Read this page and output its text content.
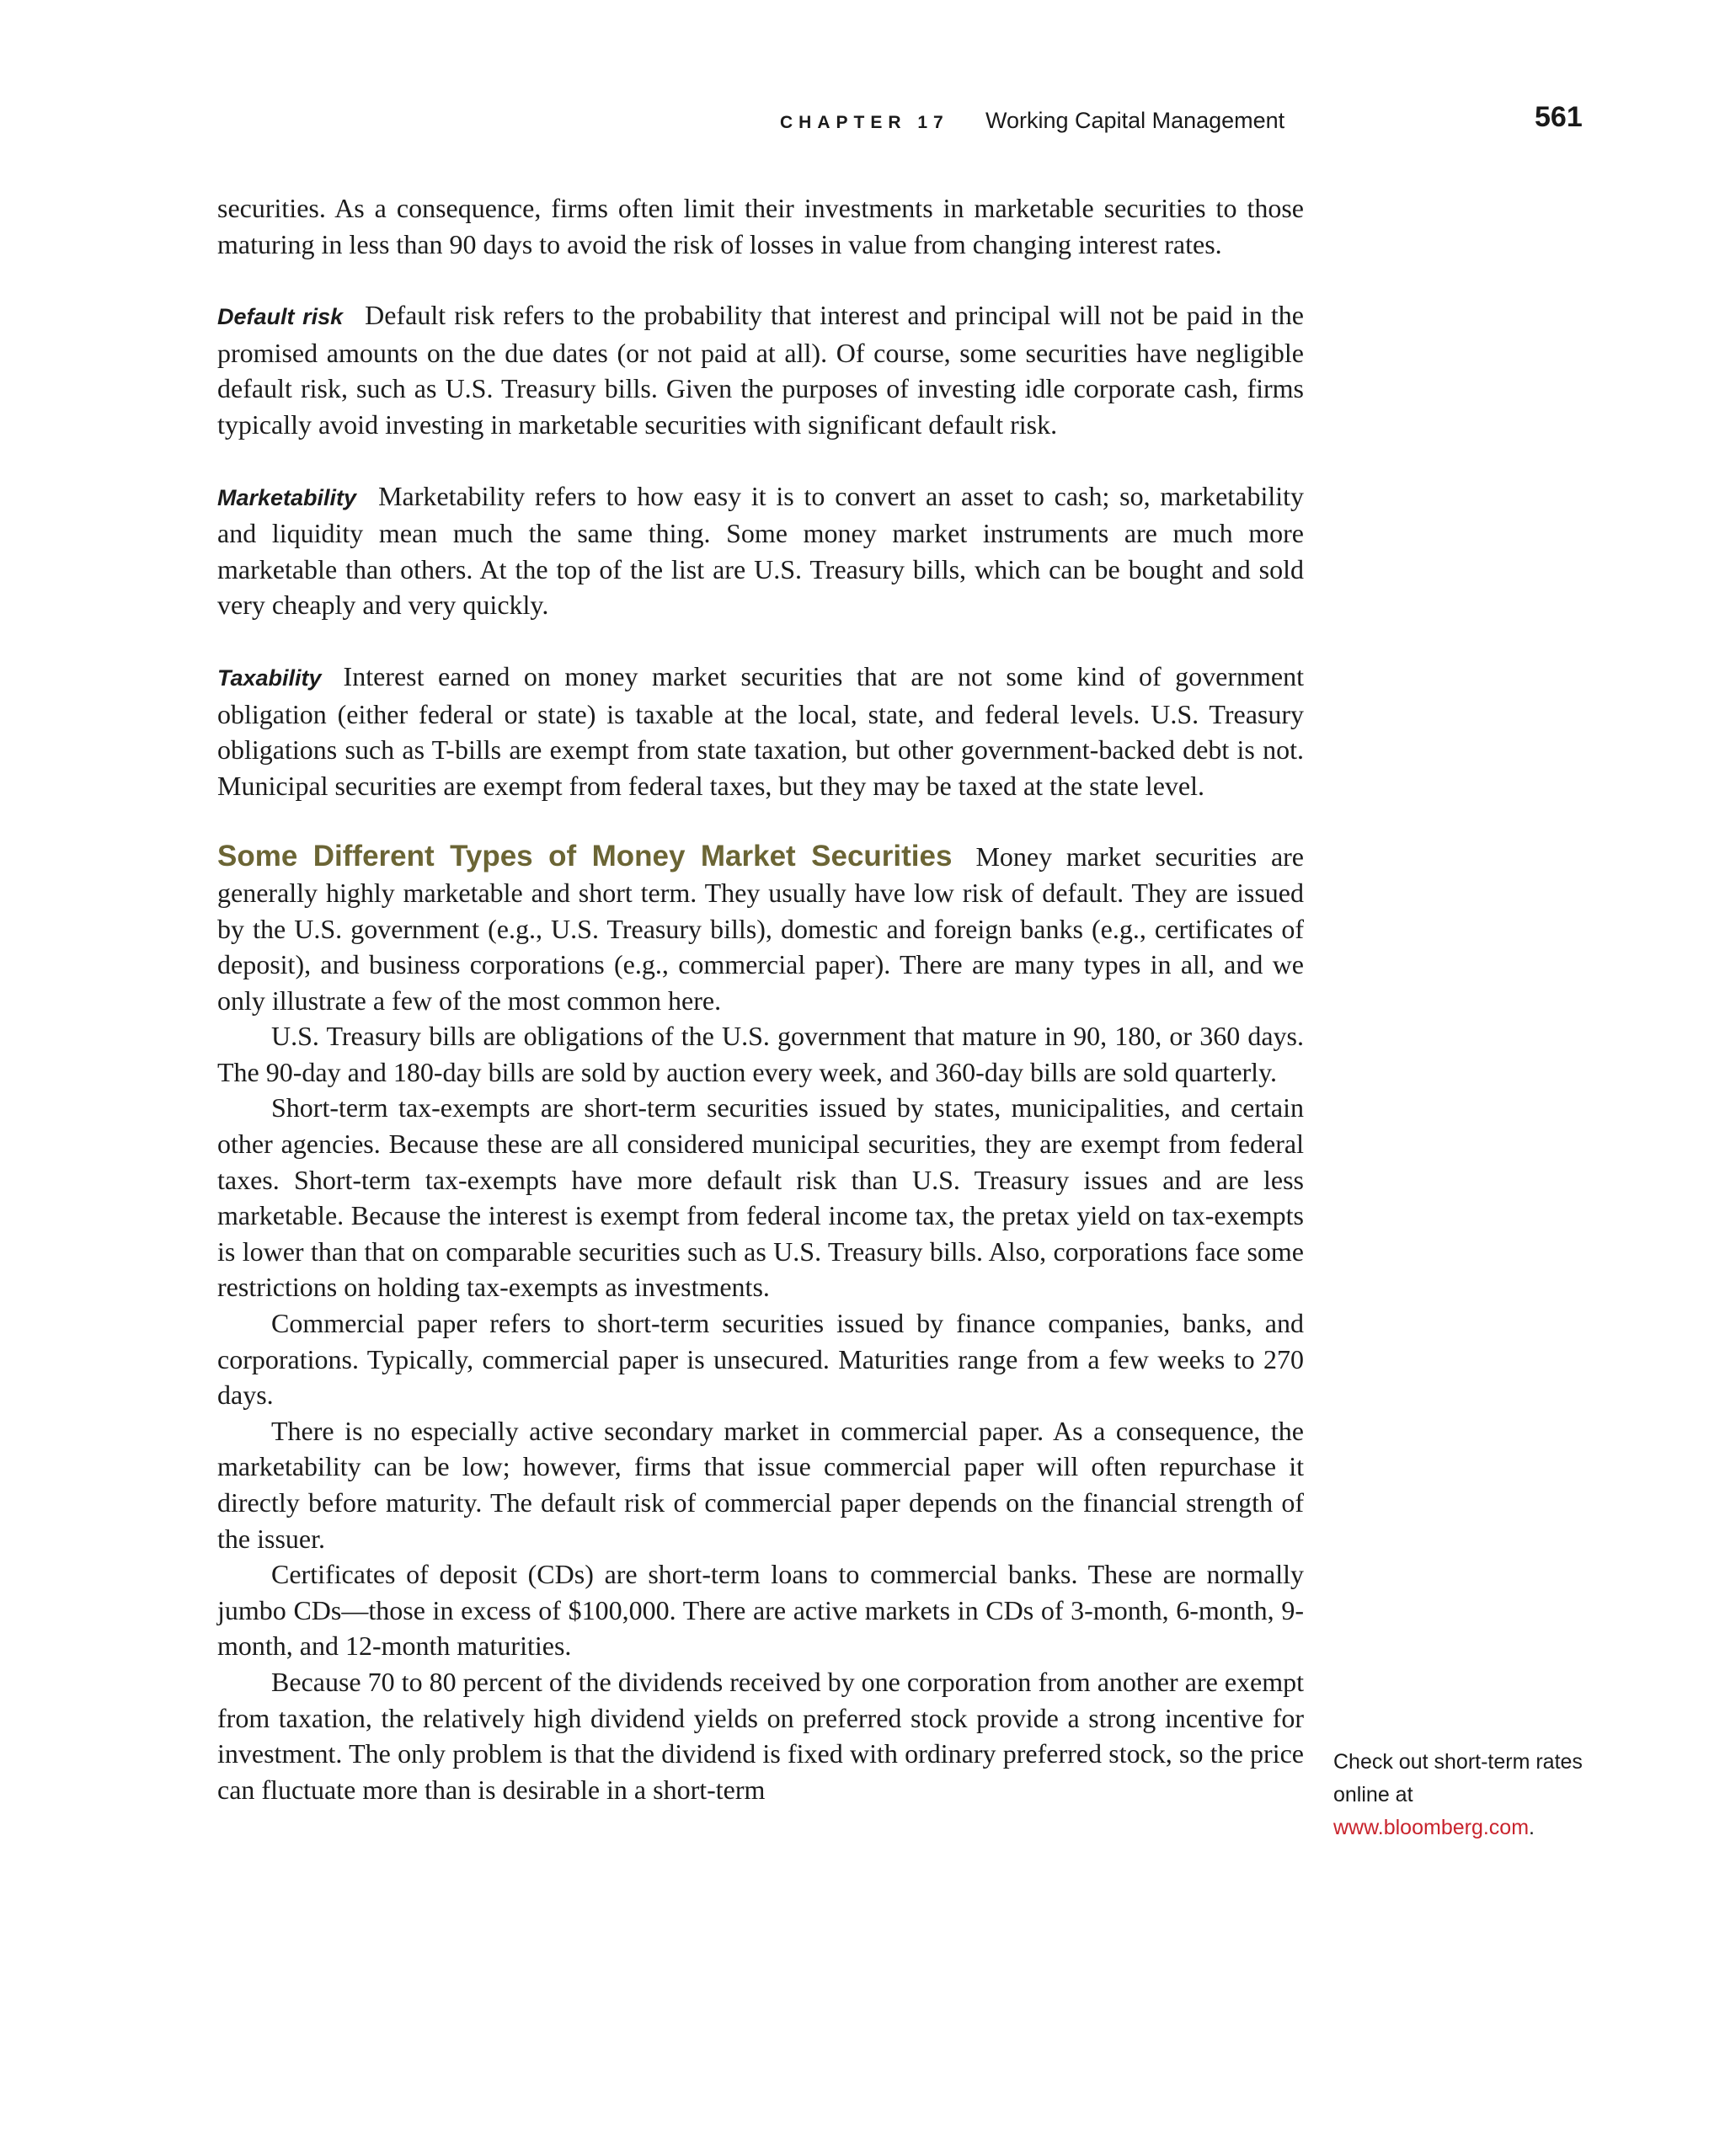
CHAPTER 17 Working Capital Management	561

securities. As a consequence, firms often limit their investments in marketable securities to those maturing in less than 90 days to avoid the risk of losses in value from changing interest rates.

Default risk Default risk refers to the probability that interest and principal will not be paid in the promised amounts on the due dates (or not paid at all). Of course, some securities have negligible default risk, such as U.S. Treasury bills. Given the purposes of investing idle corporate cash, firms typically avoid investing in marketable securities with significant default risk.

Marketability Marketability refers to how easy it is to convert an asset to cash; so, marketability and liquidity mean much the same thing. Some money market instruments are much more marketable than others. At the top of the list are U.S. Treasury bills, which can be bought and sold very cheaply and very quickly.

Taxability Interest earned on money market securities that are not some kind of government obligation (either federal or state) is taxable at the local, state, and federal levels. U.S. Treasury obligations such as T-bills are exempt from state taxation, but other government-backed debt is not. Municipal securities are exempt from federal taxes, but they may be taxed at the state level.

Some Different Types of Money Market Securities Money market securities are generally highly marketable and short term. They usually have low risk of default. They are issued by the U.S. government (e.g., U.S. Treasury bills), domestic and foreign banks (e.g., certificates of deposit), and business corporations (e.g., commercial paper). There are many types in all, and we only illustrate a few of the most common here.

U.S. Treasury bills are obligations of the U.S. government that mature in 90, 180, or 360 days. The 90-day and 180-day bills are sold by auction every week, and 360-day bills are sold quarterly.

Short-term tax-exempts are short-term securities issued by states, municipalities, and certain other agencies. Because these are all considered municipal securities, they are exempt from federal taxes. Short-term tax-exempts have more default risk than U.S. Treasury issues and are less marketable. Because the interest is exempt from federal income tax, the pretax yield on tax-exempts is lower than that on comparable securities such as U.S. Treasury bills. Also, corporations face some restrictions on holding tax-exempts as investments.

Commercial paper refers to short-term securities issued by finance companies, banks, and corporations. Typically, commercial paper is unsecured. Maturities range from a few weeks to 270 days.

There is no especially active secondary market in commercial paper. As a consequence, the marketability can be low; however, firms that issue commercial paper will often repurchase it directly before maturity. The default risk of commercial paper depends on the financial strength of the issuer.

Certificates of deposit (CDs) are short-term loans to commercial banks. These are normally jumbo CDs—those in excess of $100,000. There are active markets in CDs of 3-month, 6-month, 9-month, and 12-month maturities.

Because 70 to 80 percent of the dividends received by one corporation from another are exempt from taxation, the relatively high dividend yields on preferred stock provide a strong incentive for investment. The only problem is that the dividend is fixed with ordinary preferred stock, so the price can fluctuate more than is desirable in a short-term

Check out short-term rates online at www.bloomberg.com.
